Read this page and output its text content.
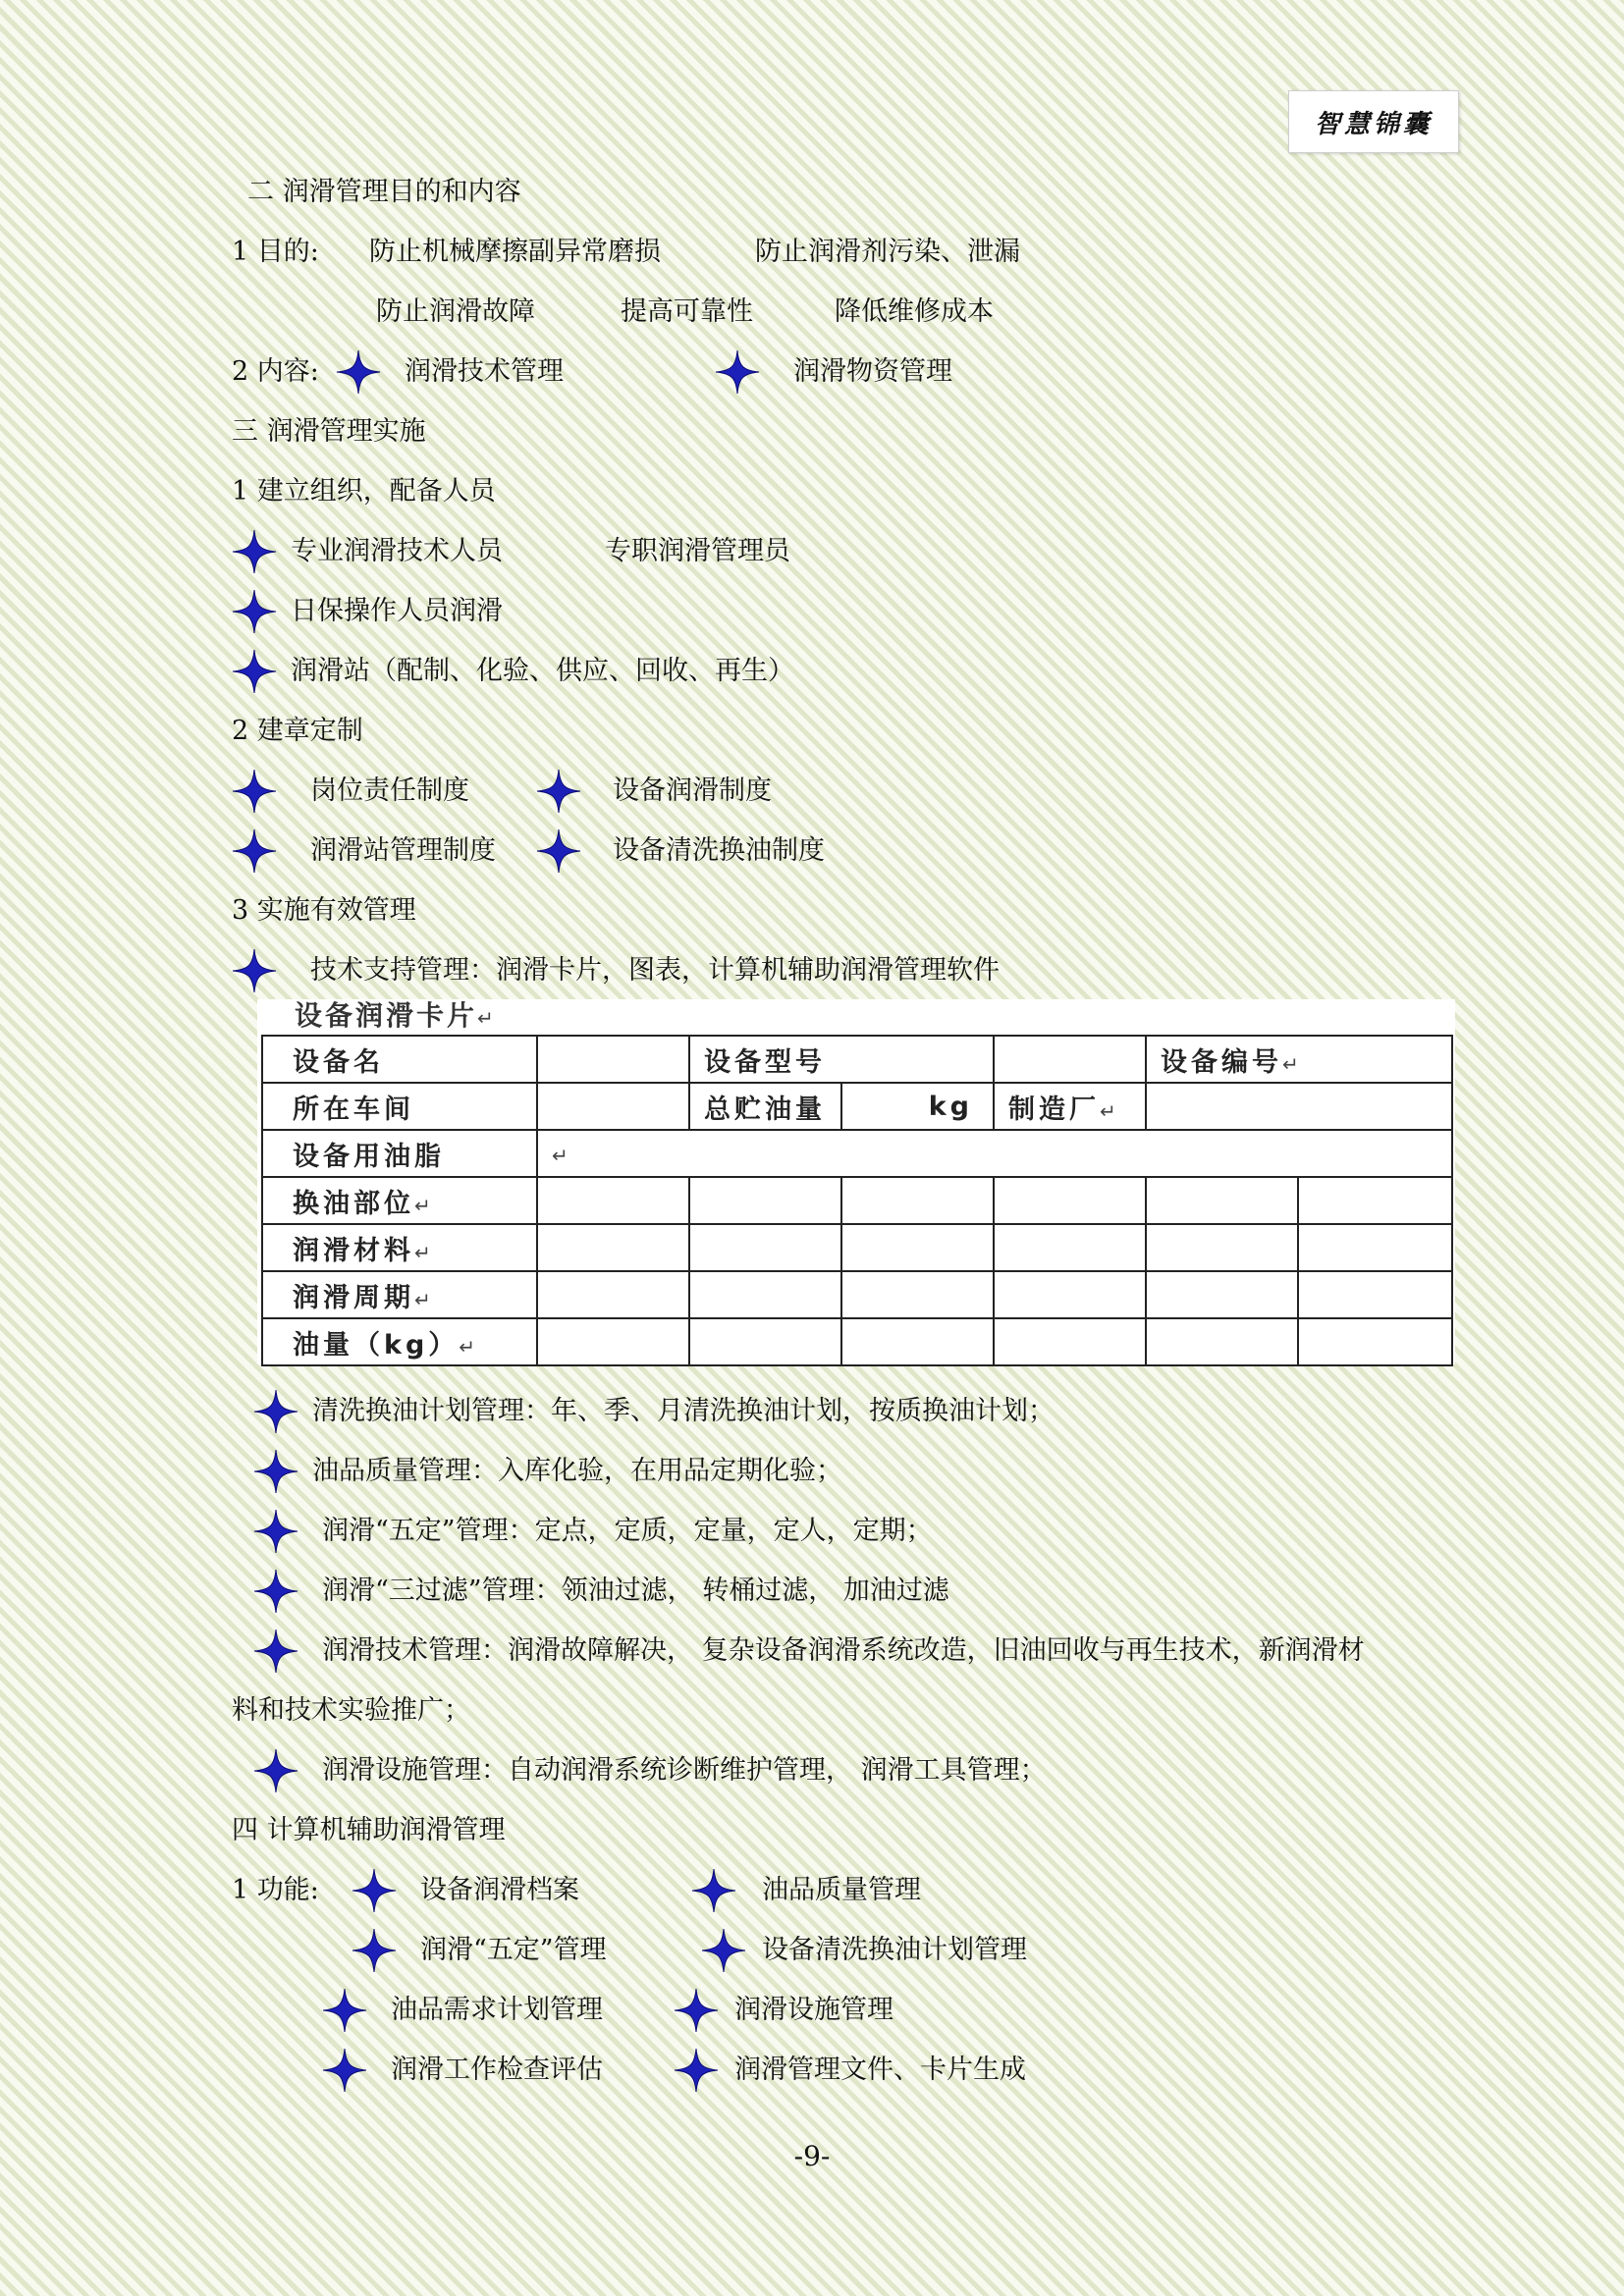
智慧锦囊
二 润滑管理目的和内容
1 目的: 防止机械摩擦副异常磨损	防止润滑剂污染、泄漏
防止润滑故障	提高可靠性	降低维修成本
2 内容:	润滑技术管理	润滑物资管理
三 润滑管理实施
1 建立组织，配备人员
专业润滑技术人员	专职润滑管理员
日保操作人员润滑
润滑站（配制、化验、供应、回收、再生）
2 建章定制
岗位责任制度	设备润滑制度
润滑站管理制度	设备清洗换油制度
3 实施有效管理
技术支持管理：润滑卡片，图表，计算机辅助润滑管理软件
设备润滑卡片↵
设备名		设备型号			设备编号↵	
所在车间		总贮油量	kg	制造厂↵		
设备用油脂	↵					
换油部位↵						
润滑材料↵						
润滑周期↵						
油量（kg）↵						
清洗换油计划管理：年、季、月清洗换油计划，按质换油计划；
油品质量管理：入库化验，在用品定期化验；
润滑“五定”管理：定点，定质，定量，定人，定期；
润滑“三过滤”管理：领油过滤， 转桶过滤， 加油过滤
润滑技术管理：润滑故障解决， 复杂设备润滑系统改造，旧油回收与再生技术，新润滑材
料和技术实验推广；
润滑设施管理：自动润滑系统诊断维护管理， 润滑工具管理；
四 计算机辅助润滑管理
1 功能:	设备润滑档案	油品质量管理
润滑“五定”管理	设备清洗换油计划管理
油品需求计划管理	润滑设施管理
润滑工作检查评估	润滑管理文件、卡片生成
-9-
